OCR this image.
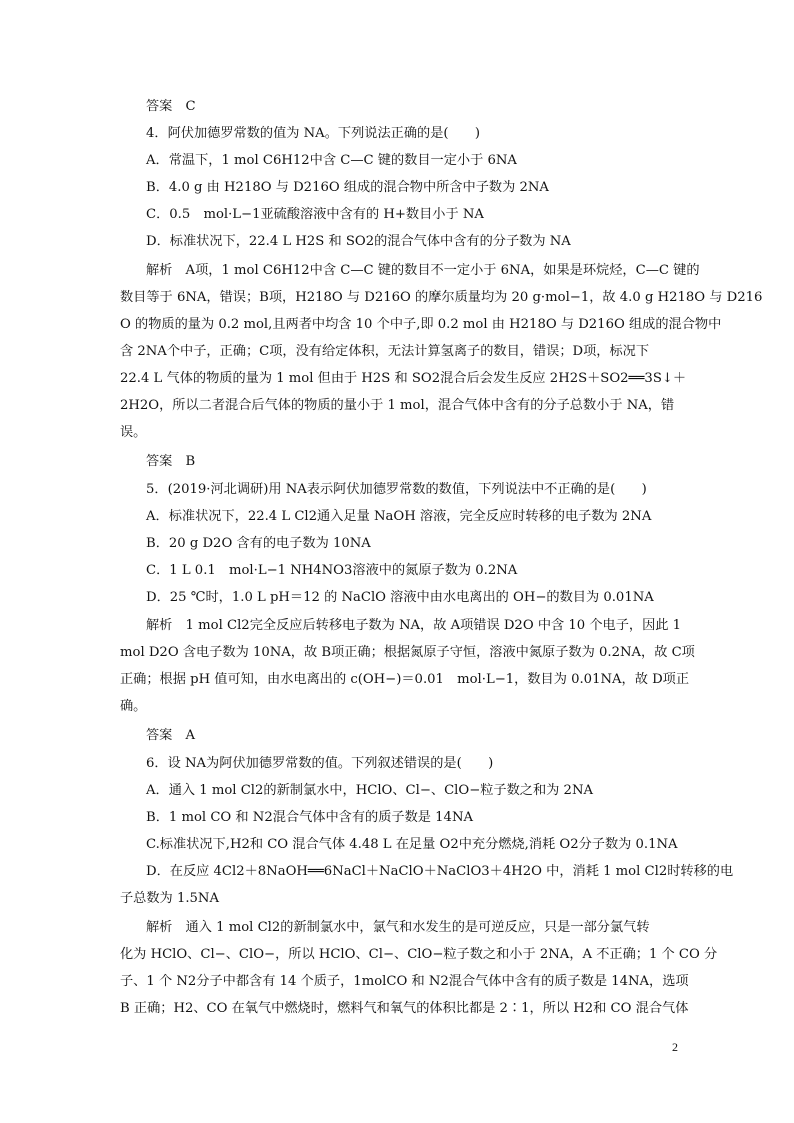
答案　C
4．阿伏加德罗常数的值为 NA。下列说法正确的是(　　)
A．常温下，1 mol C6H12中含 C—C 键的数目一定小于 6NA
B．4.0 g 由 H218O 与 D216O 组成的混合物中所含中子数为 2NA
C．0.5　mol·L−1亚硫酸溶液中含有的 H+数目小于 NA
D．标准状况下，22.4 L H2S 和 SO2的混合气体中含有的分子数为 NA
解析　A项，1 mol C6H12中含 C—C 键的数目不一定小于 6NA，如果是环烷烃，C—C 键的
数目等于 6NA，错误；B项，H218O 与 D216O 的摩尔质量均为 20 g·mol−1，故 4.0 g H218O 与 D216
O 的物质的量为 0.2 mol,且两者中均含 10 个中子,即 0.2 mol 由 H218O 与 D216O 组成的混合物中
含 2NA个中子，正确；C项，没有给定体积，无法计算氢离子的数目，错误；D项，标况下
22.4 L 气体的物质的量为 1 mol 但由于 H2S 和 SO2混合后会发生反应 2H2S＋SO2══3S↓＋
2H2O，所以二者混合后气体的物质的量小于 1 mol，混合气体中含有的分子总数小于 NA，错
误。
答案　B
5．(2019·河北调研)用 NA表示阿伏加德罗常数的数值，下列说法中不正确的是(　　)
A．标准状况下，22.4 L Cl2通入足量 NaOH 溶液，完全反应时转移的电子数为 2NA
B．20 g D2O 含有的电子数为 10NA
C．1 L 0.1　mol·L−1 NH4NO3溶液中的氮原子数为 0.2NA
D．25 ℃时，1.0 L pH＝12 的 NaClO 溶液中由水电离出的 OH−的数目为 0.01NA
解析　1 mol Cl2完全反应后转移电子数为 NA，故 A项错误 D2O 中含 10 个电子，因此 1
mol D2O 含电子数为 10NA，故 B项正确；根据氮原子守恒，溶液中氮原子数为 0.2NA，故 C项
正确；根据 pH 值可知，由水电离出的 c(OH−)＝0.01　mol·L−1，数目为 0.01NA，故 D项正
确。
答案　A
6．设 NA为阿伏加德罗常数的值。下列叙述错误的是(　　)
A．通入 1 mol Cl2的新制氯水中，HClO、Cl−、ClO−粒子数之和为 2NA
B．1 mol CO 和 N2混合气体中含有的质子数是 14NA
C.标准状况下,H2和 CO 混合气体 4.48 L 在足量 O2中充分燃烧,消耗 O2分子数为 0.1NA
D．在反应 4Cl2＋8NaOH══6NaCl＋NaClO＋NaClO3＋4H2O 中，消耗 1 mol Cl2时转移的电
子总数为 1.5NA
解析　通入 1 mol Cl2的新制氯水中，氯气和水发生的是可逆反应，只是一部分氯气转
化为 HClO、Cl−、ClO−，所以 HClO、Cl−、ClO−粒子数之和小于 2NA，A 不正确；1 个 CO 分
子、1 个 N2分子中都含有 14 个质子，1molCO 和 N2混合气体中含有的质子数是 14NA，选项
B 正确；H2、CO 在氧气中燃烧时，燃料气和氧气的体积比都是 2∶1，所以 H2和 CO 混合气体
2
